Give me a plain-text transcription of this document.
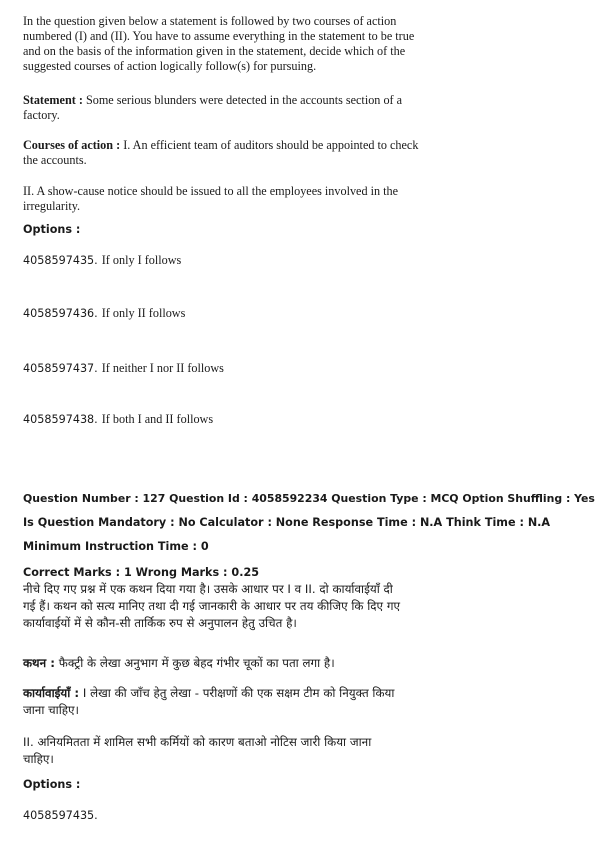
In the question given below a statement is followed by two courses of action
numbered (I) and (II). You have to assume everything in the statement to be true
and on the basis of the information given in the statement, decide which of the
suggested courses of action logically follow(s) for pursuing.
Statement : Some serious blunders were detected in the accounts section of a
factory.
Courses of action : I. An efficient team of auditors should be appointed to check
the accounts.
II. A show-cause notice should be issued to all the employees involved in the
irregularity.
Options :
4058597435. If only I follows
4058597436. If only II follows
4058597437. If neither I nor II follows
4058597438. If both I and II follows
Question Number : 127 Question Id : 4058592234 Question Type : MCQ Option Shuffling : Yes
Is Question Mandatory : No Calculator : None Response Time : N.A Think Time : N.A
Minimum Instruction Time : 0
Correct Marks : 1 Wrong Marks : 0.25
नीचे दिए गए प्रश्न में एक कथन दिया गया है। उसके आधार पर I व II. दो कार्यावाईयाँ दी
गई हैं। कथन को सत्य मानिए तथा दी गई जानकारी के आधार पर तय कीजिए कि दिए गए
कार्यावाईयों में से कौन-सी तार्किक रुप से अनुपालन हेतु उचित है।
कथन : फैक्ट्री के लेखा अनुभाग में कुछ बेहद गंभीर चूकों का पता लगा है।
कार्यावाईयाँ : I लेखा की जाँच हेतु लेखा - परीक्षणों की एक सक्षम टीम को नियुक्त किया
जाना चाहिए।
II. अनियमितता में शामिल सभी कर्मियों को कारण बताओ नोटिस जारी किया जाना
चाहिए।
Options :
4058597435.
